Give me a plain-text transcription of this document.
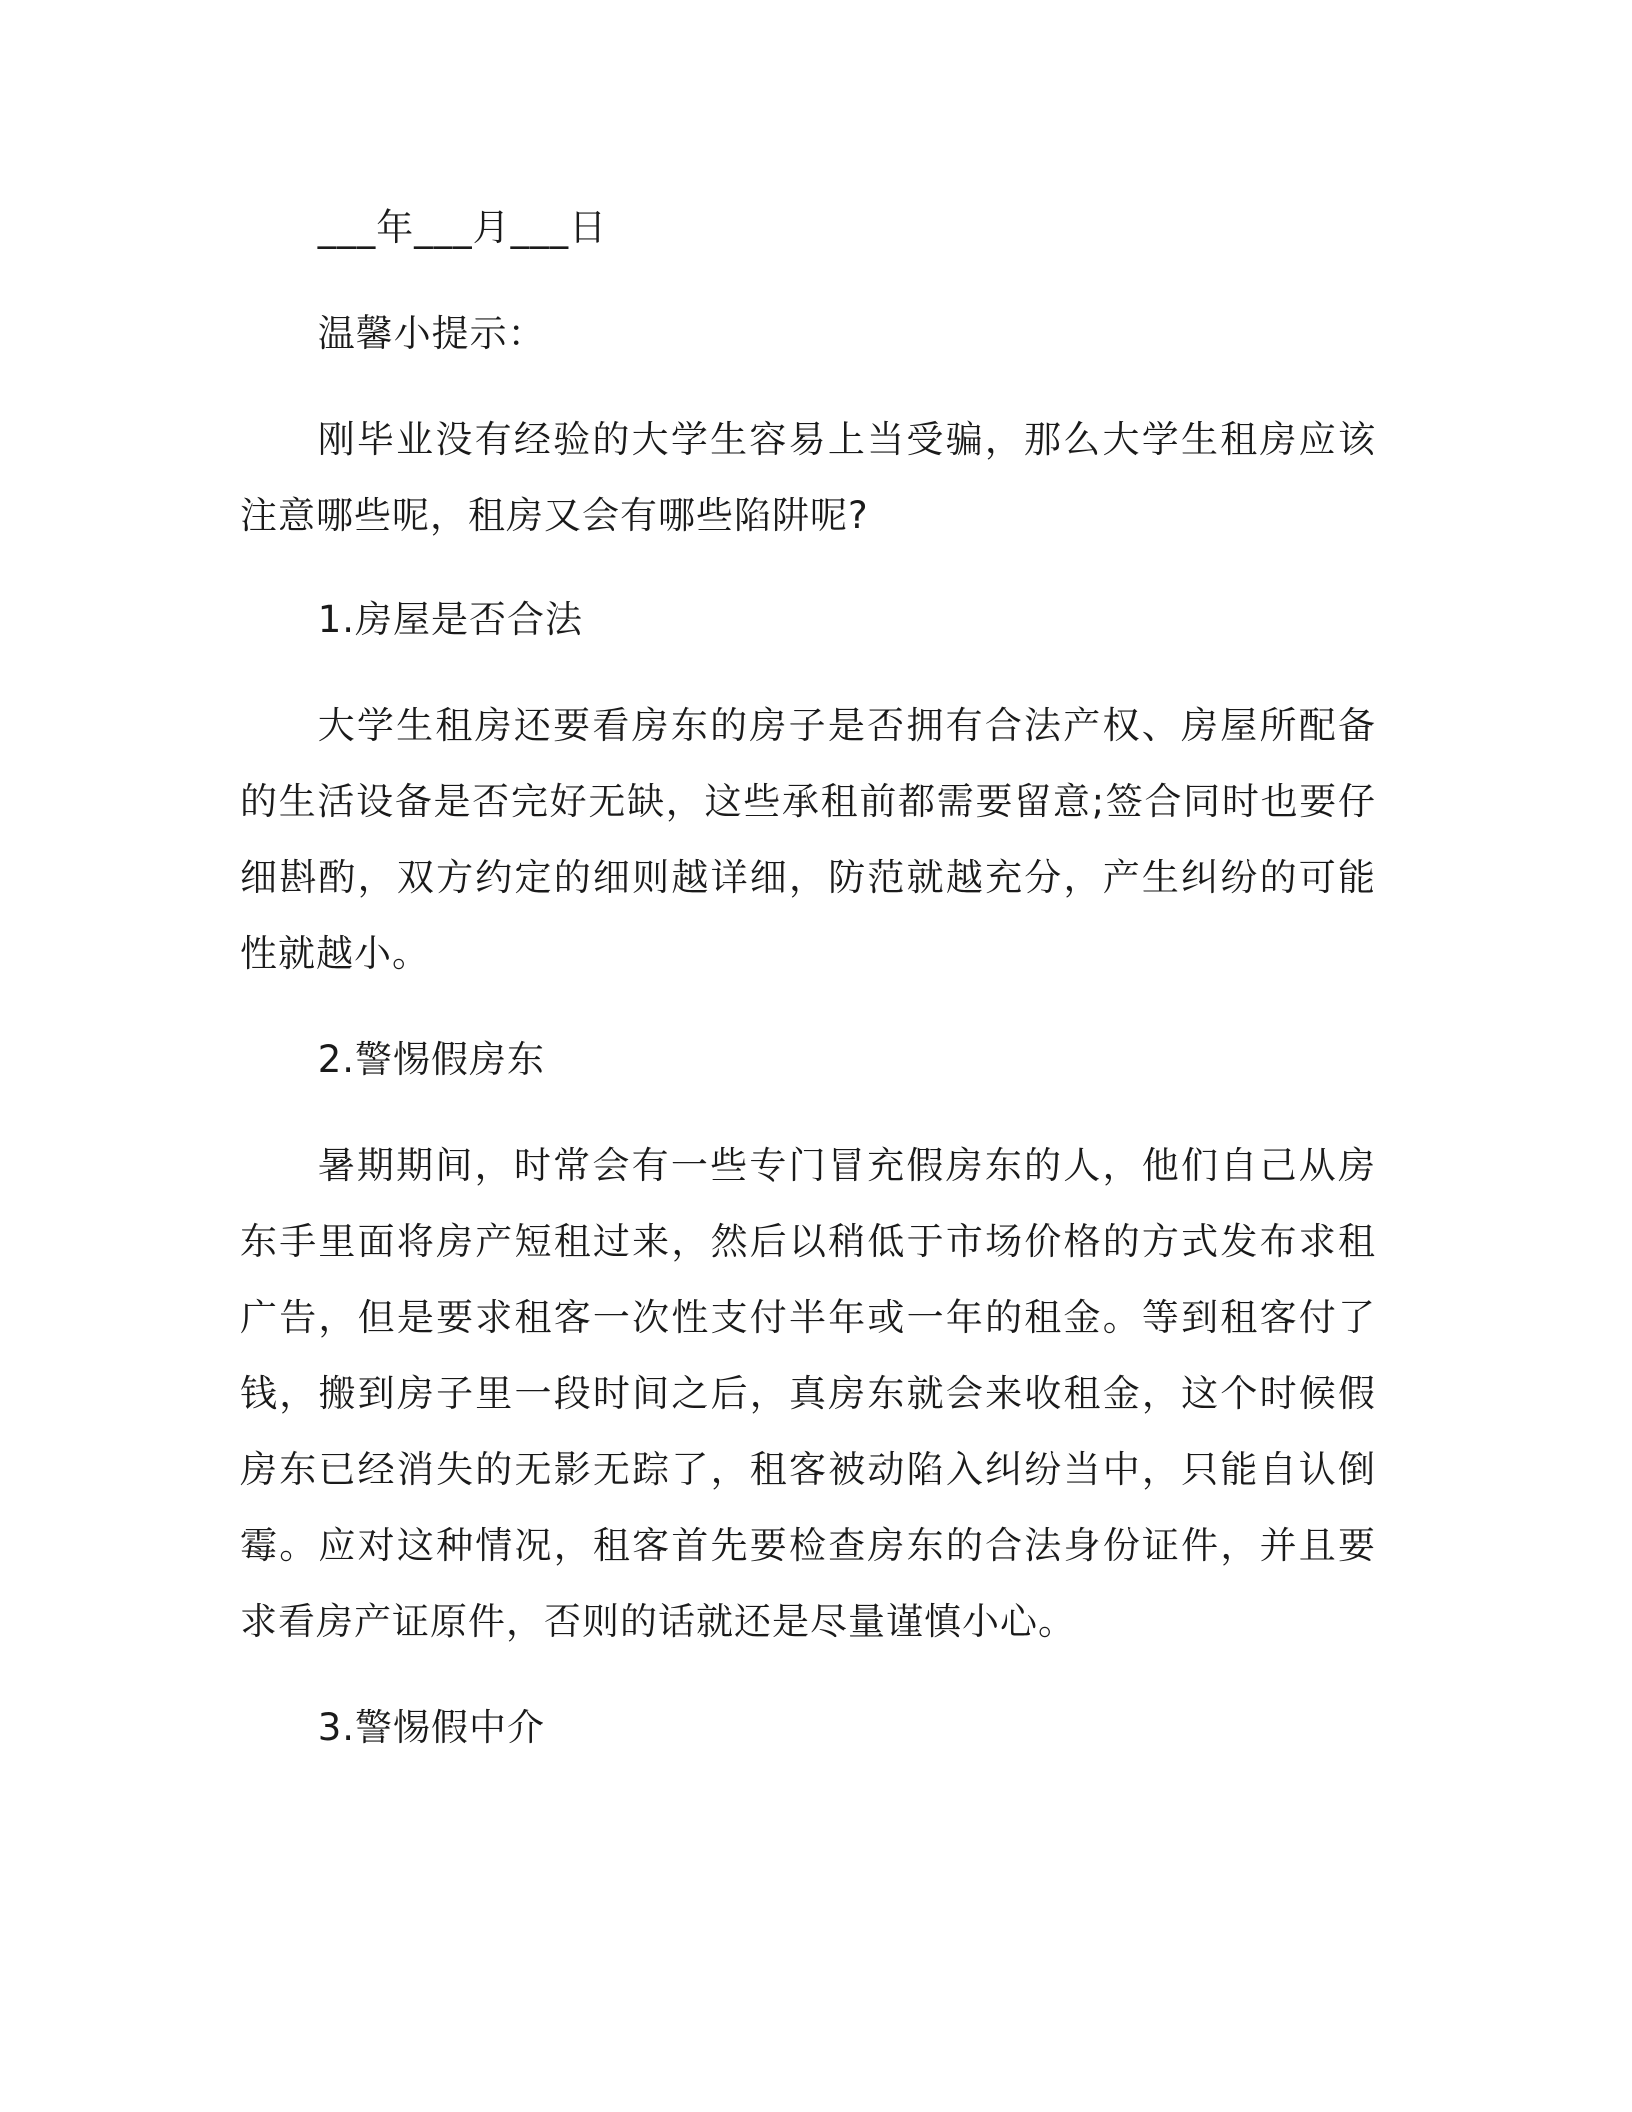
___年___月___日

温馨小提示：

刚毕业没有经验的大学生容易上当受骗，那么大学生租房应该注意哪些呢，租房又会有哪些陷阱呢?

1.房屋是否合法

大学生租房还要看房东的房子是否拥有合法产权、房屋所配备的生活设备是否完好无缺，这些承租前都需要留意;签合同时也要仔细斟酌，双方约定的细则越详细，防范就越充分，产生纠纷的可能性就越小。

2.警惕假房东

暑期期间，时常会有一些专门冒充假房东的人，他们自己从房东手里面将房产短租过来，然后以稍低于市场价格的方式发布求租广告，但是要求租客一次性支付半年或一年的租金。等到租客付了钱，搬到房子里一段时间之后，真房东就会来收租金，这个时候假房东已经消失的无影无踪了，租客被动陷入纠纷当中，只能自认倒霉。应对这种情况，租客首先要检查房东的合法身份证件，并且要求看房产证原件，否则的话就还是尽量谨慎小心。

3.警惕假中介
